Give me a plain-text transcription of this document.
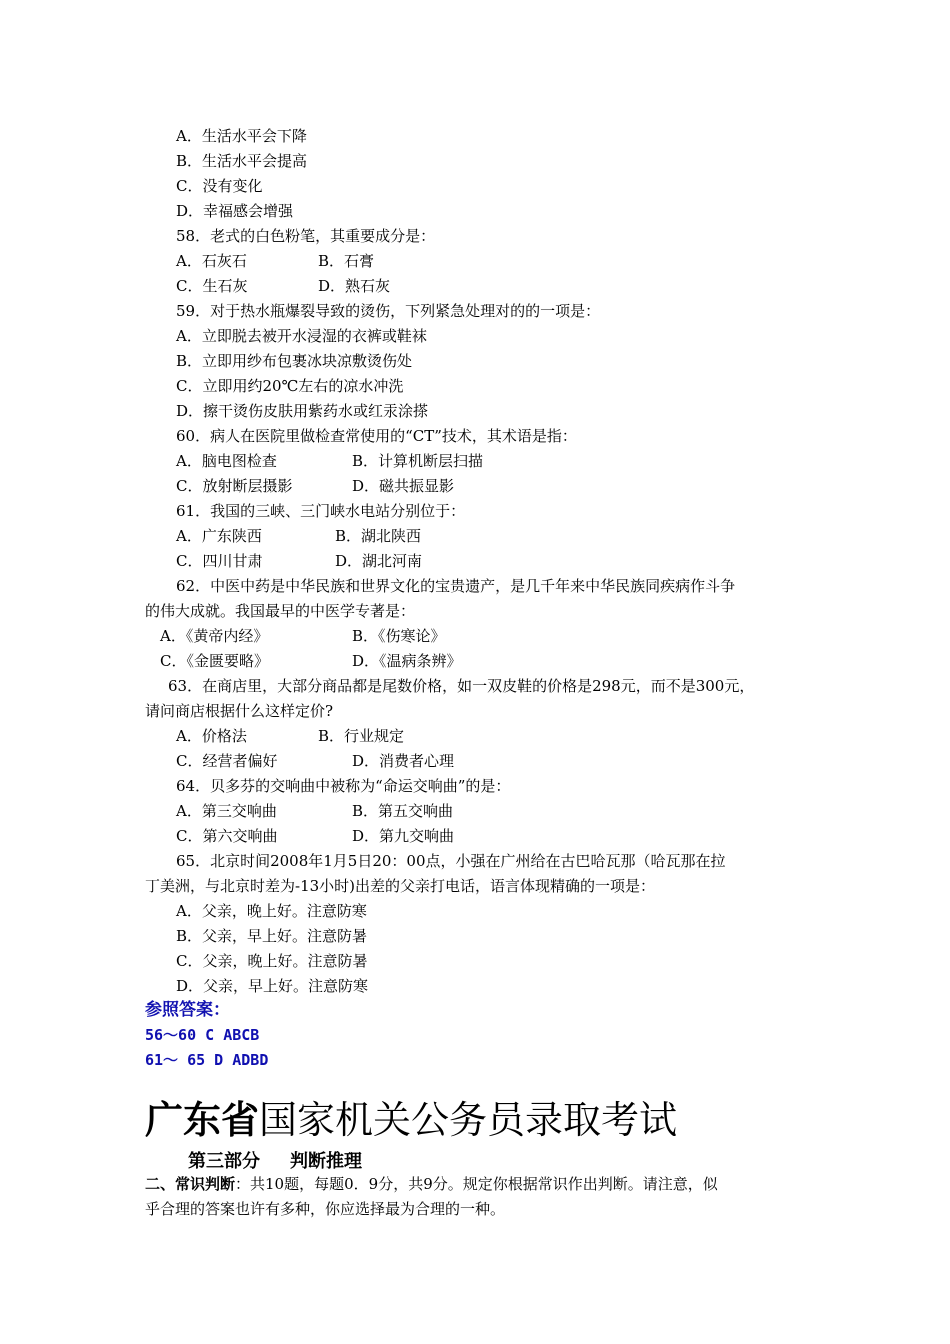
A．生活水平会下降
B．生活水平会提高
C．没有变化
D．幸福感会增强
58．老式的白色粉笔，其重要成分是：
A．石灰石	B．石膏
C．生石灰	D．熟石灰
59．对于热水瓶爆裂导致的烫伤，下列紧急处理对的的一项是：
A．立即脱去被开水浸湿的衣裤或鞋袜
B．立即用纱布包裹冰块凉敷烫伤处
C．立即用约20℃左右的凉水冲洗
D．擦干烫伤皮肤用紫药水或红汞涂搽
60．病人在医院里做检查常使用的“CT”技术，其术语是指：
A．脑电图检查	B．计算机断层扫描
C．放射断层摄影	D．磁共振显影
61．我国的三峡、三门峡水电站分别位于：
A．广东陕西	B．湖北陕西
C．四川甘肃	D．湖北河南
62．中医中药是中华民族和世界文化的宝贵遗产，是几千年来中华民族同疾病作斗争
的伟大成就。我国最早的中医学专著是：
A．《黄帝内经》	B．《伤寒论》
C．《金匮要略》	D．《温病条辨》
63．在商店里，大部分商品都是尾数价格，如一双皮鞋的价格是298元，而不是300元，
请问商店根据什么这样定价?
A．价格法	B．行业规定
C．经营者偏好	D．消费者心理
64．贝多芬的交响曲中被称为“命运交响曲”的是：
A．第三交响曲	B．第五交响曲
C．第六交响曲	D．第九交响曲
65．北京时间2008年1月5日20：00点，小强在广州给在古巴哈瓦那（哈瓦那在拉
丁美洲，与北京时差为-13小时)出差的父亲打电话，语言体现精确的一项是：
A．父亲，晚上好。注意防寒
B．父亲，早上好。注意防暑
C．父亲，晚上好。注意防暑
D．父亲，早上好。注意防寒
参照答案：
56～60 C ABCB
61～ 65 D ADBD
广东省国家机关公务员录取考试
第三部分 判断推理
二、常识判断：共10题，每题0．9分，共9分。规定你根据常识作出判断。请注意，似
乎合理的答案也许有多种，你应选择最为合理的一种。
